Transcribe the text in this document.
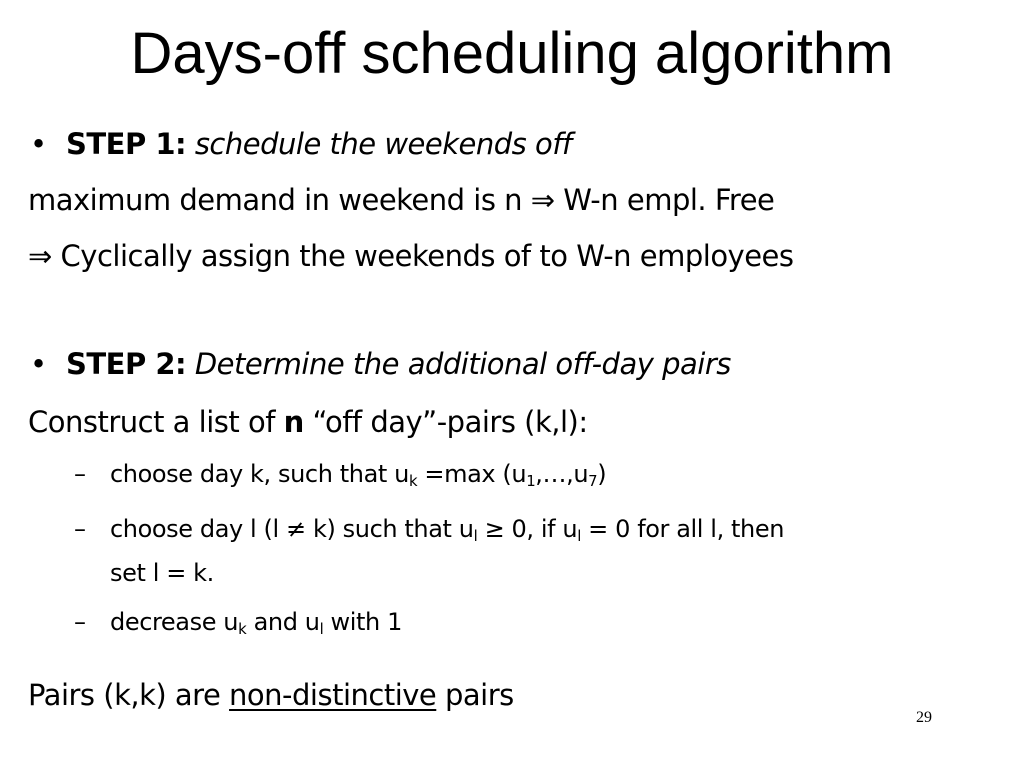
Days-off scheduling algorithm
• STEP 1: schedule the weekends off
maximum demand in weekend is n ⇒ W-n empl. Free
⇒ Cyclically assign the weekends of to W-n employees
• STEP 2: Determine the additional off-day pairs
Construct a list of n “off day”-pairs (k,l):
– choose day k, such that $u_k =\max$ $(u_1,\dots,u_7)$
– choose day l (l ≠ k) such that $u_l \ge 0$, if $u_l = 0$ for all l, then
set l = k.
– decrease $u_k$ and $u_l$ with 1
Pairs (k,k) are non-distinctive pairs
29
